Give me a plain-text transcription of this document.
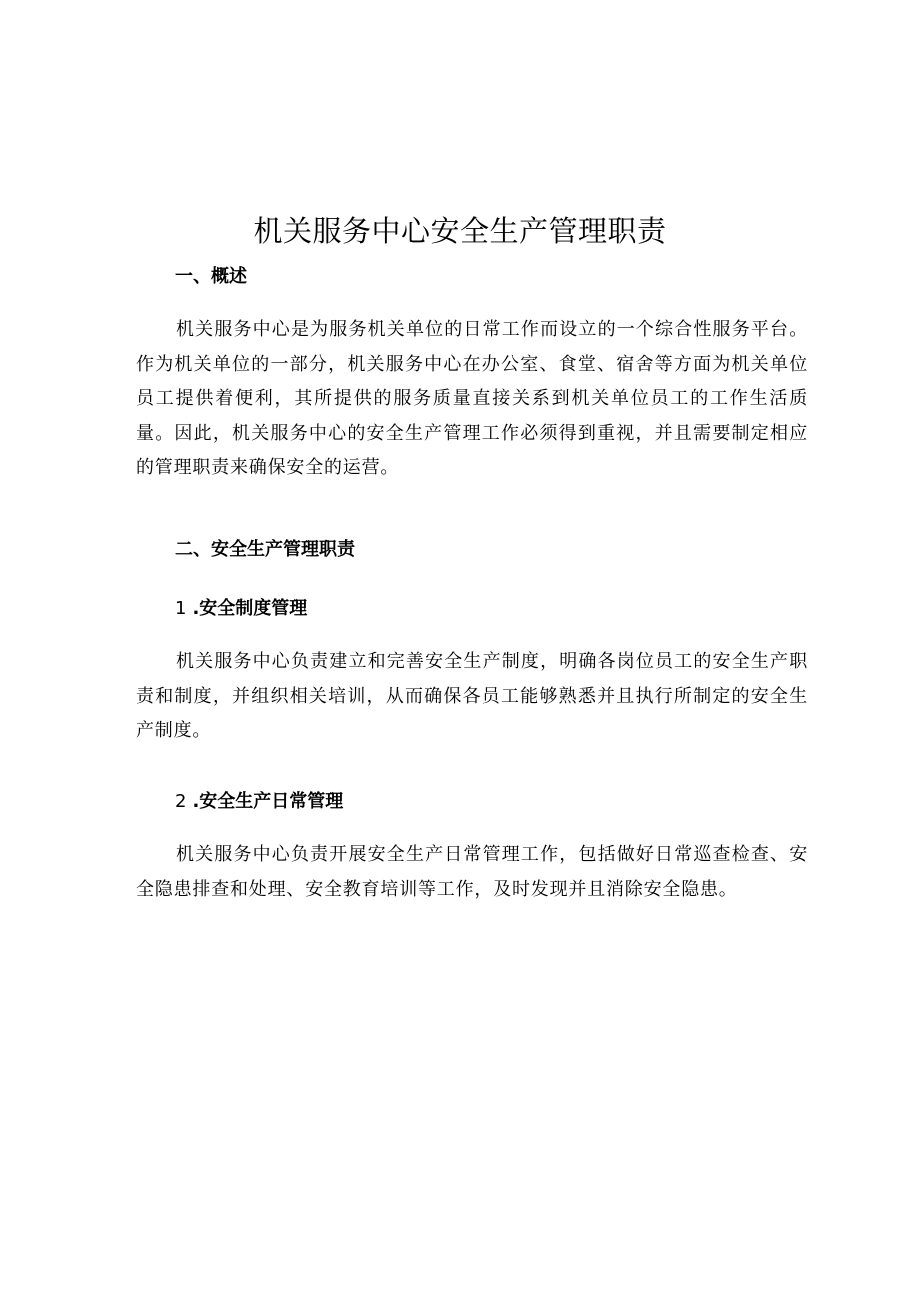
机关服务中心安全生产管理职责
一、概述
机关服务中心是为服务机关单位的日常工作而设立的一个综合性服务平台。作为机关单位的一部分，机关服务中心在办公室、食堂、宿舍等方面为机关单位员工提供着便利，其所提供的服务质量直接关系到机关单位员工的工作生活质量。因此，机关服务中心的安全生产管理工作必须得到重视，并且需要制定相应的管理职责来确保安全的运营。
二、安全生产管理职责
1 .安全制度管理
机关服务中心负责建立和完善安全生产制度，明确各岗位员工的安全生产职责和制度，并组织相关培训，从而确保各员工能够熟悉并且执行所制定的安全生产制度。
2 .安全生产日常管理
机关服务中心负责开展安全生产日常管理工作，包括做好日常巡查检查、安全隐患排查和处理、安全教育培训等工作，及时发现并且消除安全隐患。
